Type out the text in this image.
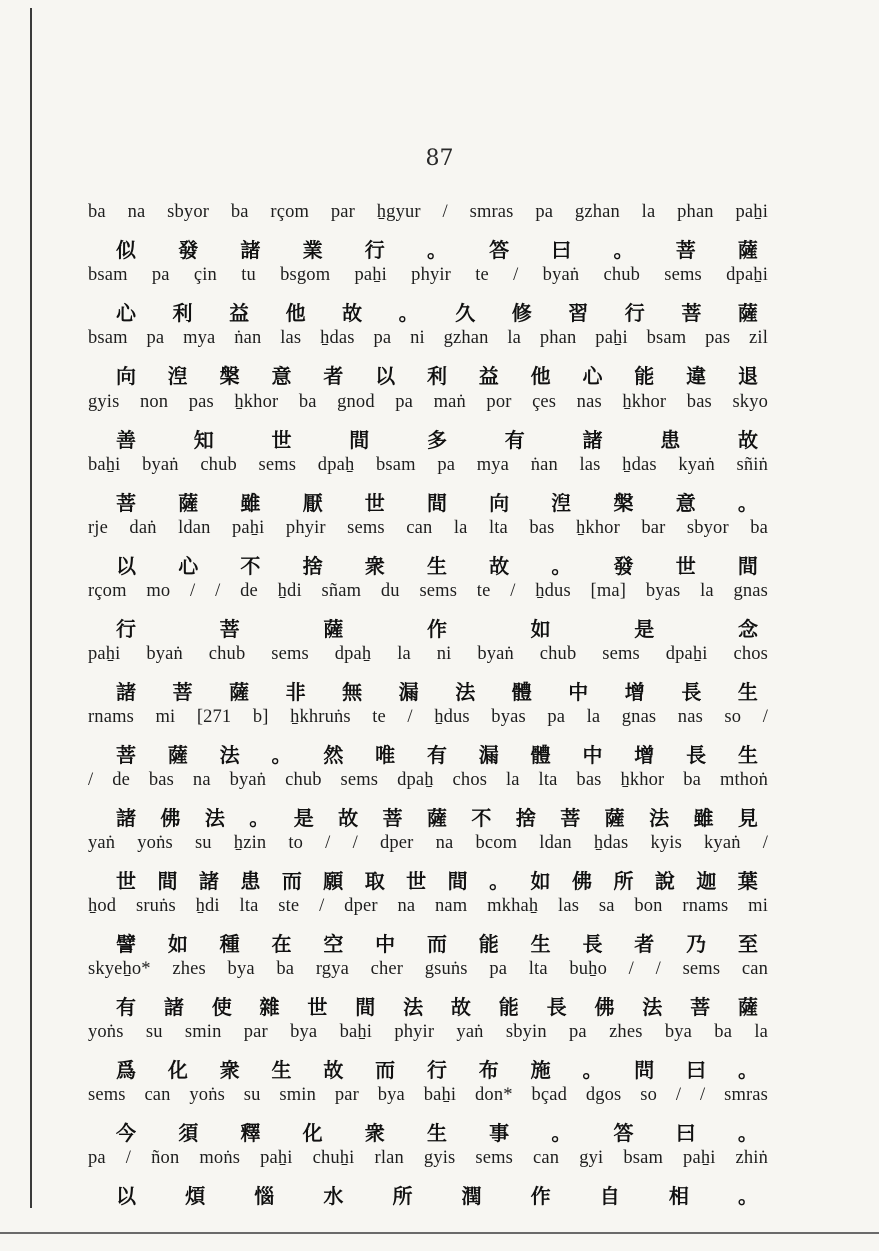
87
ba na sbyor ba rçom par ẖgyur / smras pa gzhan la phan paẖi
似 發 諸 業 行 。 答 曰 。 菩 薩
bsam pa çin tu bsgom paẖi phyir te / byaṅ chub sems dpaẖi
心 利 益 他 故 。 久 修 習 行 菩 薩
bsam pa mya ṅan las ẖdas pa ni gzhan la phan paẖi bsam pas zil
向 湼 槃 意 者 以 利 益 他 心 能 違 退
gyis non pas ẖkhor ba gnod pa maṅ por çes nas ẖkhor bas skyo
善	知	世	間	多	有	諸	患	故
baẖi byaṅ chub sems dpaẖ bsam pa mya ṅan las ẖdas kyaṅ sñiṅ
菩 薩 雖 厭 世 間 向 湼 槃 意 。
rje daṅ ldan paẖi phyir sems can la lta bas ẖkhor bar sbyor ba
以 心 不 捨 衆 生 故 。 發 世 間
rçom mo / / de ẖdi sñam du sems te / ẖdus [ma] byas la gnas
行	菩	薩	作	如	是	念
paẖi byaṅ chub sems dpaẖ la ni byaṅ chub sems dpaẖi chos
諸 菩 薩 非 無 漏 法 體 中 增 長 生
rnams mi [271 b] ẖkhruṅs te / ẖdus byas pa la gnas nas so /
菩 薩 法 。 然 唯 有 漏 體 中 增 長 生
/ de bas na byaṅ chub sems dpaẖ chos la lta bas ẖkhor ba mthoṅ
諸 佛 法 。 是 故 菩 薩 不 捨 菩 薩 法 雖 見
yaṅ yoṅs su ẖzin to / / dper na bcom ldan ẖdas kyis kyaṅ /
世 間 諸 患 而 願 取 世 間 。 如 佛 所 說 迦 葉
ẖod sruṅs ẖdi lta ste / dper na nam mkhaẖ las sa bon rnams mi
譬 如 種 在 空 中 而 能 生 長 者 乃 至
skyeẖo* zhes bya ba rgya cher gsuṅs pa lta buẖo / / sems can
有 諸 使 雜 世 間 法 故 能 長 佛 法 菩 薩
yoṅs su smin par bya baẖi phyir yaṅ sbyin pa zhes bya ba la
爲 化 衆 生 故 而 行 布 施 。 問 曰 。
sems can yoṅs su smin par bya baẖi don* bçad dgos so / / smras
今 須 釋 化 衆 生 事 。 答 曰 。
pa / ñon moṅs paẖi chuẖi rlan gyis sems can gyi bsam paẖi zhiṅ
以 煩 惱 水 所 潤 作 自 相 。
